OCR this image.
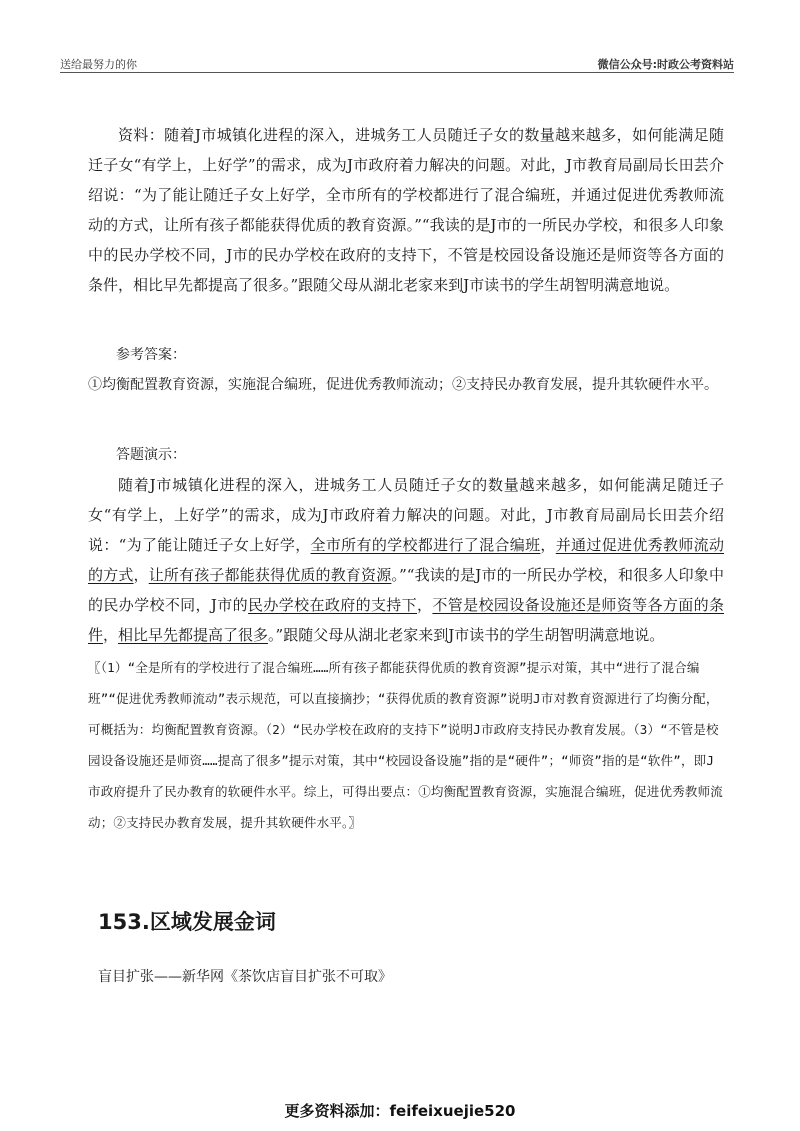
送给最努力的你	微信公众号:时政公考资料站

资料：随着J市城镇化进程的深入，进城务工人员随迁子女的数量越来越多，如何能满足随迁子女“有学上，上好学”的需求，成为J市政府着力解决的问题。对此，J市教育局副局长田芸介绍说：“为了能让随迁子女上好学，全市所有的学校都进行了混合编班，并通过促进优秀教师流动的方式，让所有孩子都能获得优质的教育资源。”“我读的是J市的一所民办学校，和很多人印象中的民办学校不同，J市的民办学校在政府的支持下，不管是校园设备设施还是师资等各方面的条件，相比早先都提高了很多。”跟随父母从湖北老家来到J市读书的学生胡智明满意地说。

参考答案：

①均衡配置教育资源，实施混合编班，促进优秀教师流动；②支持民办教育发展，提升其软硬件水平。

答题演示：

随着J市城镇化进程的深入，进城务工人员随迁子女的数量越来越多，如何能满足随迁子女“有学上，上好学”的需求，成为J市政府着力解决的问题。对此，J市教育局副局长田芸介绍说：“为了能让随迁子女上好学，全市所有的学校都进行了混合编班，并通过促进优秀教师流动的方式，让所有孩子都能获得优质的教育资源。”“我读的是J市的一所民办学校，和很多人印象中的民办学校不同，J市的民办学校在政府的支持下，不管是校园设备设施还是师资等各方面的条件，相比早先都提高了很多。”跟随父母从湖北老家来到J市读书的学生胡智明满意地说。

〖（1）“全是所有的学校进行了混合编班……所有孩子都能获得优质的教育资源”提示对策，其中“进行了混合编班”“促进优秀教师流动”表示规范，可以直接摘抄；“获得优质的教育资源”说明J市对教育资源进行了均衡分配，可概括为：均衡配置教育资源。（2）“民办学校在政府的支持下”说明J市政府支持民办教育发展。（3）“不管是校园设备设施还是师资……提高了很多”提示对策，其中“校园设备设施”指的是“硬件”；“师资”指的是“软件”，即J市政府提升了民办教育的软硬件水平。综上，可得出要点：①均衡配置教育资源，实施混合编班，促进优秀教师流动；②支持民办教育发展，提升其软硬件水平。〗

153.区域发展金词

盲目扩张——新华网《茶饮店盲目扩张不可取》

更多资料添加：feifeixuejie520
